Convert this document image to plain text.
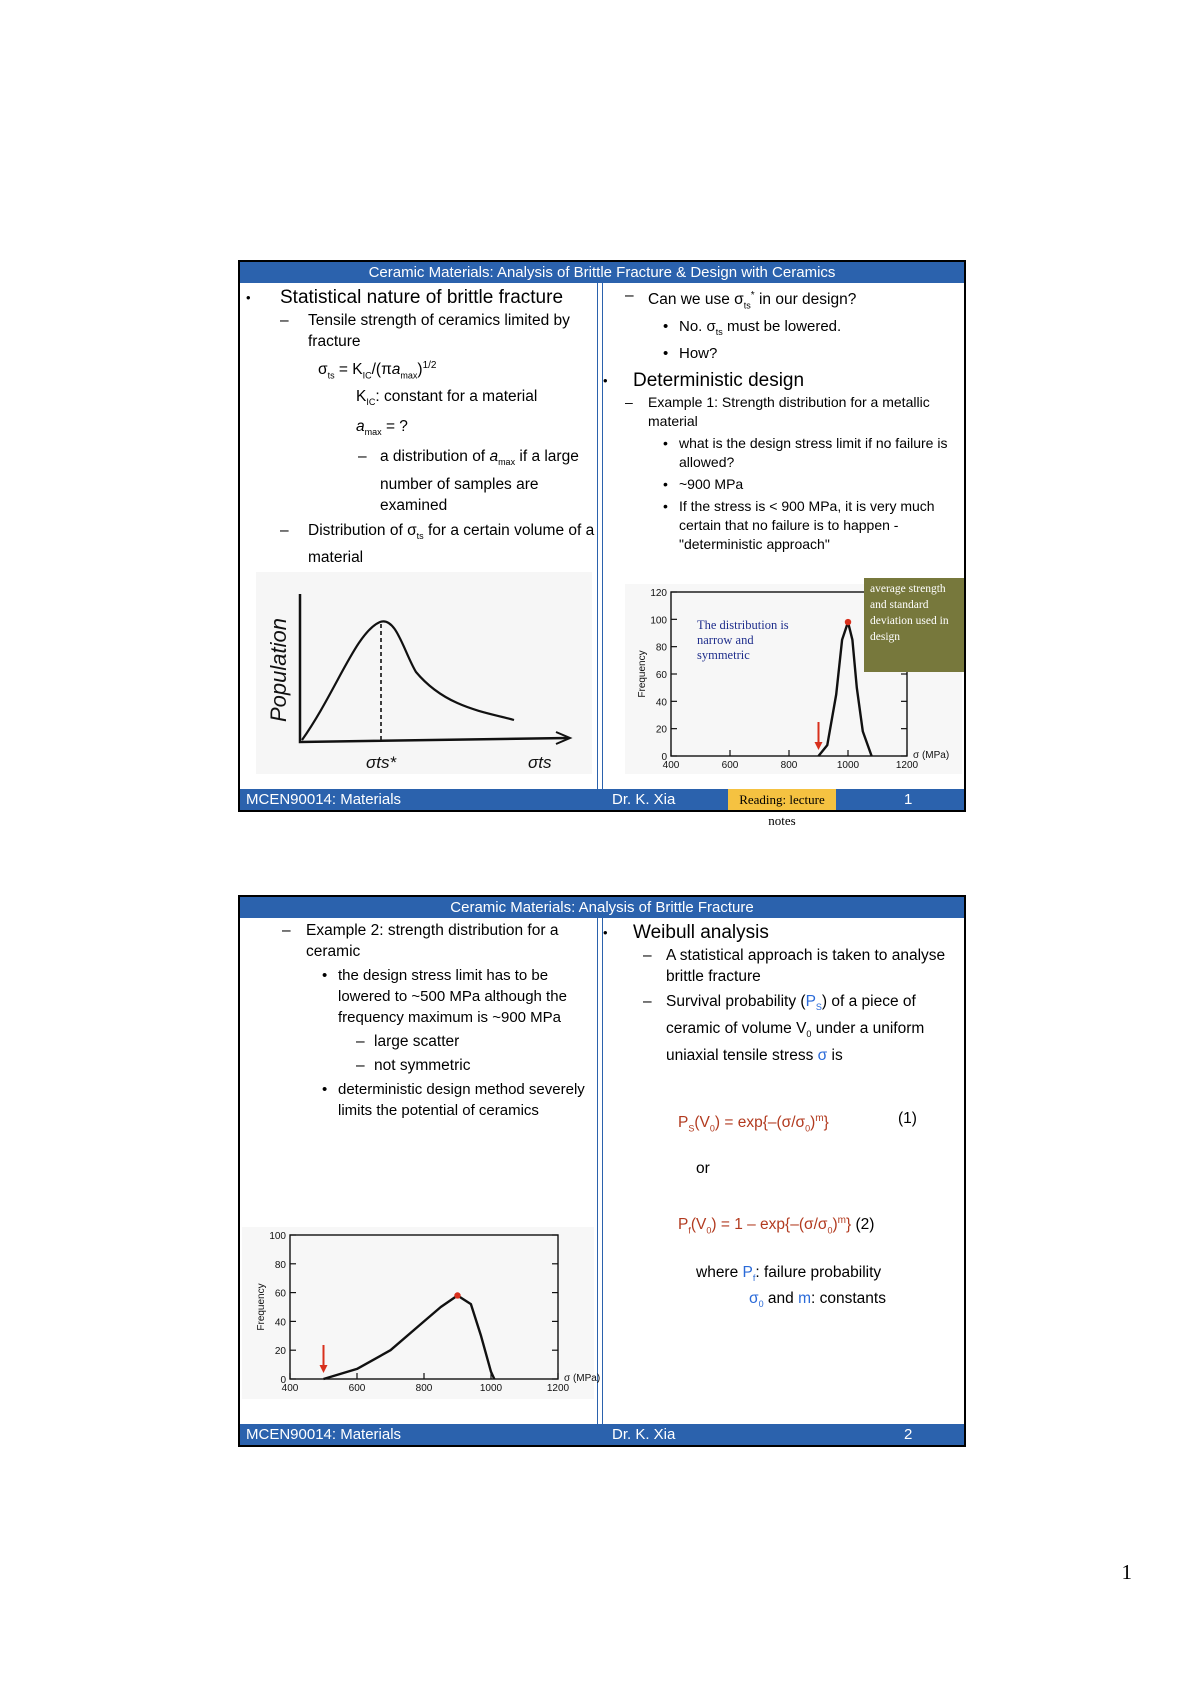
Ceramic Materials: Analysis of Brittle Fracture & Design with Ceramics

• Statistical nature of brittle fracture

– Tensile strength of ceramics limited by fracture

$\sigma_{ts} = K_{IC}/(\pi a_{max})^{1/2}$

$K_{IC}$: constant for a material

$a_{max}$ = ?

– a distribution of $a_{max}$ if a large number of samples are examined

– Distribution of $\sigma_{ts}$ for a certain volume of a material

Population
σts*	σts

– Can we use $\sigma_{ts}^*$ in our design?

• No. $\sigma_{ts}$ must be lowered.

• How?

• Deterministic design

– Example 1: Strength distribution for a metallic material

• what is the design stress limit if no failure is allowed?

• ~900 MPa

• If the stress is < 900 MPa, it is very much certain that no failure is to happen - "deterministic approach"

0
20
40
60
80
100
120
400	600	800	1000	1200
Frequency
σ (MPa)
The distribution is narrow and symmetric
average strength and standard deviation used in design
MCEN90014: Materials	Dr. K. Xia	Reading: lecture notes
1
Ceramic Materials: Analysis of Brittle Fracture

– Example 2: strength distribution for a ceramic

• the design stress limit has to be lowered to ~500 MPa although the frequency maximum is ~900 MPa

– large scatter

– not symmetric

• deterministic design method severely limits the potential of ceramics

0
20
40
60
80
100
400	600	800	1000	1200
Frequency
σ (MPa)

• Weibull analysis

– A statistical approach is taken to analyse brittle fracture

– Survival probability $(P_S)$ of a piece of ceramic of volume $V_0$ under a uniform uniaxial tensile stress σ is

$P_S(V_0) = \exp\{-(\sigma/\sigma_0)^m\}$	(1)

or

$P_f(V_0) = 1 - \exp\{-(\sigma/\sigma_0)^m\}$ (2)

where $P_f$: failure probability

$\sigma_0$ and m: constants

MCEN90014: Materials	Dr. K. Xia	2
1
